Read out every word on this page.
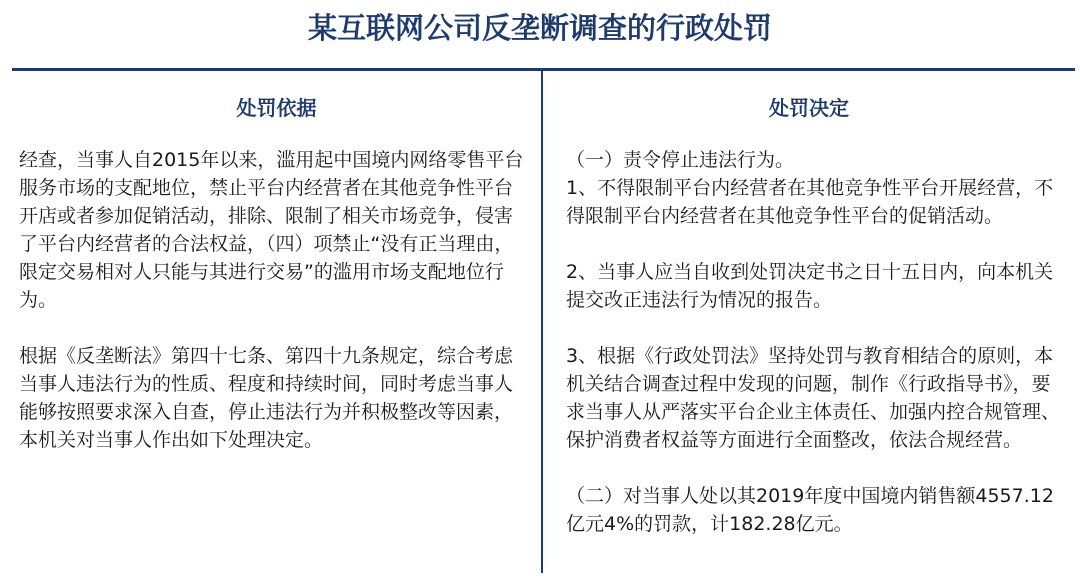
某互联网公司反垄断调查的行政处罚
处罚依据	处罚决定

经查，当事人自2015年以来，滥用起中国境内网络零售平台服务市场的支配地位，禁止平台内经营者在其他竞争性平台开店或者参加促销活动，排除、限制了相关市场竞争，侵害了平台内经营者的合法权益，（四）项禁止“没有正当理由，限定交易相对人只能与其进行交易”的滥用市场支配地位行为。

根据《反垄断法》第四十七条、第四十九条规定，综合考虑当事人违法行为的性质、程度和持续时间，同时考虑当事人能够按照要求深入自查，停止违法行为并积极整改等因素，本机关对当事人作出如下处理决定。

（一）责令停止违法行为。

1、不得限制平台内经营者在其他竞争性平台开展经营，不得限制平台内经营者在其他竞争性平台的促销活动。

2、当事人应当自收到处罚决定书之日十五日内，向本机关提交改正违法行为情况的报告。

3、根据《行政处罚法》坚持处罚与教育相结合的原则，本机关结合调查过程中发现的问题，制作《行政指导书》，要求当事人从严落实平台企业主体责任、加强内控合规管理、保护消费者权益等方面进行全面整改，依法合规经营。

（二）对当事人处以其2019年度中国境内销售额4557.12亿元4%的罚款，计182.28亿元。
